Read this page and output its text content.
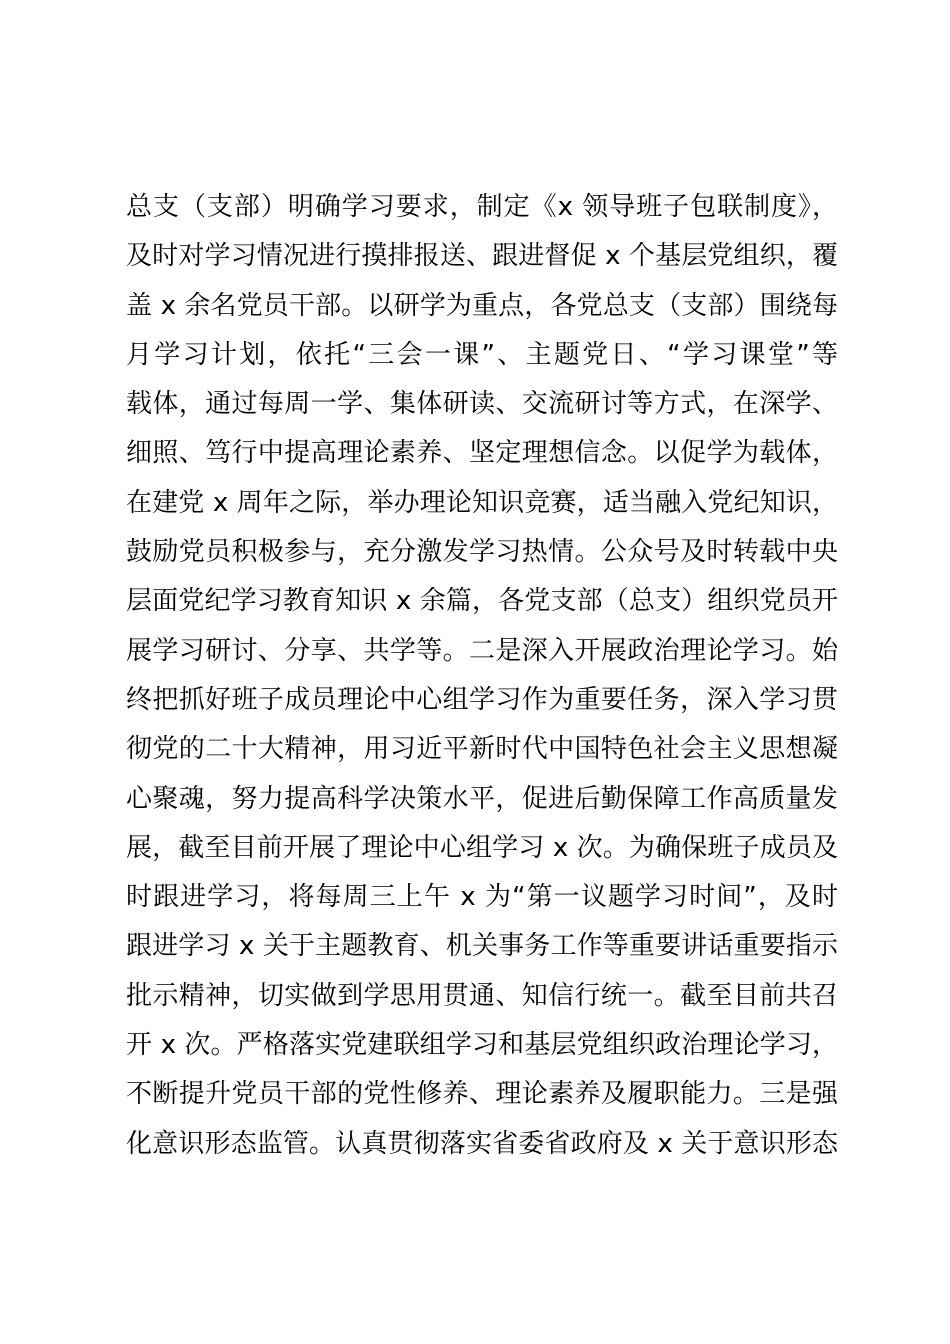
总支（支部）明确学习要求，制定《x 领导班子包联制度》，
及时对学习情况进行摸排报送、跟进督促 x 个基层党组织，覆
盖 x 余名党员干部。以研学为重点，各党总支（支部）围绕每
月学习计划，依托“三会一课”、主题党日、“学习课堂”等
载体，通过每周一学、集体研读、交流研讨等方式，在深学、
细照、笃行中提高理论素养、坚定理想信念。以促学为载体，
在建党 x 周年之际，举办理论知识竞赛，适当融入党纪知识，
鼓励党员积极参与，充分激发学习热情。公众号及时转载中央
层面党纪学习教育知识 x 余篇，各党支部（总支）组织党员开
展学习研讨、分享、共学等。二是深入开展政治理论学习。始
终把抓好班子成员理论中心组学习作为重要任务，深入学习贯
彻党的二十大精神，用习近平新时代中国特色社会主义思想凝
心聚魂，努力提高科学决策水平，促进后勤保障工作高质量发
展，截至目前开展了理论中心组学习 x 次。为确保班子成员及
时跟进学习，将每周三上午 x 为“第一议题学习时间”，及时
跟进学习 x 关于主题教育、机关事务工作等重要讲话重要指示
批示精神，切实做到学思用贯通、知信行统一。截至目前共召
开 x 次。严格落实党建联组学习和基层党组织政治理论学习，
不断提升党员干部的党性修养、理论素养及履职能力。三是强
化意识形态监管。认真贯彻落实省委省政府及 x 关于意识形态
